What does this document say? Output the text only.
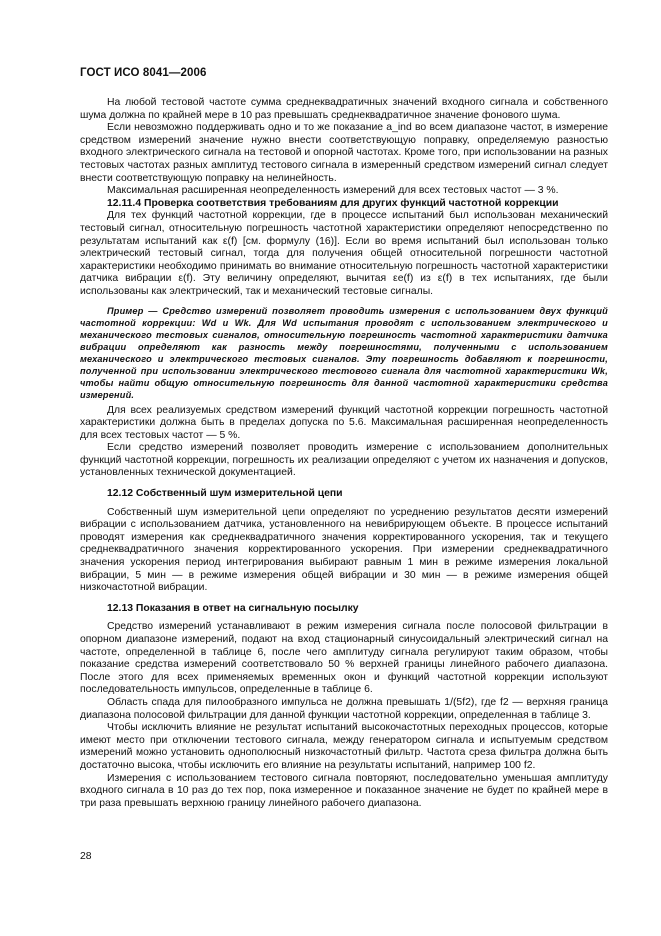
ГОСТ ИСО 8041—2006

На любой тестовой частоте сумма среднеквадратичных значений входного сигнала и собственного шума должна по крайней мере в 10 раз превышать среднеквадратичное значение фонового шума.

Если невозможно поддерживать одно и то же показание a_ind во всем диапазоне частот, в измерение средством измерений значение нужно внести соответствующую поправку, определяемую разностью входного электрического сигнала на тестовой и опорной частотах. Кроме того, при использовании на разных тестовых частотах разных амплитуд тестового сигнала в измеренный средством измерений сигнал следует внести соответствующую поправку на нелинейность.

Максимальная расширенная неопределенность измерений для всех тестовых частот — 3 %.

12.11.4 Проверка соответствия требованиям для других функций частотной коррекции

Для тех функций частотной коррекции, где в процессе испытаний был использован механический тестовый сигнал, относительную погрешность частотной характеристики определяют непосредственно по результатам испытаний как ε(f) [см. формулу (16)]. Если во время испытаний был использован только электрический тестовый сигнал, тогда для получения общей относительной погрешности частотной характеристики необходимо принимать во внимание относительную погрешность частотной характеристики датчика вибрации ε(f). Эту величину определяют, вычитая εe(f) из ε(f) в тех испытаниях, где были использованы как электрический, так и механический тестовые сигналы.

Пример — Средство измерений позволяет проводить измерения с использованием двух функций частотной коррекции: Wd и Wk. Для Wd испытания проводят с использованием электрического и механического тестовых сигналов, относительную погрешность частотной характеристики датчика вибрации определяют как разность между погрешностями, полученными с использованием механического и электрического тестовых сигналов. Эту погрешность добавляют к погрешности, полученной при использовании электрического тестового сигнала для частотной характеристики Wk, чтобы найти общую относительную погрешность для данной частотной характеристики средства измерений.

Для всех реализуемых средством измерений функций частотной коррекции погрешность частотной характеристики должна быть в пределах допуска по 5.6. Максимальная расширенная неопределенность для всех тестовых частот — 5 %.

Если средство измерений позволяет проводить измерение с использованием дополнительных функций частотной коррекции, погрешность их реализации определяют с учетом их назначения и допусков, установленных технической документацией.

12.12 Собственный шум измерительной цепи

Собственный шум измерительной цепи определяют по усреднению результатов десяти измерений вибрации с использованием датчика, установленного на невибрирующем объекте. В процессе испытаний проводят измерения как среднеквадратичного значения корректированного ускорения, так и текущего среднеквадратичного значения корректированного ускорения. При измерении среднеквадратичного значения ускорения период интегрирования выбирают равным 1 мин в режиме измерения локальной вибрации, 5 мин — в режиме измерения общей вибрации и 30 мин — в режиме измерения общей низкочастотной вибрации.

12.13 Показания в ответ на сигнальную посылку

Средство измерений устанавливают в режим измерения сигнала после полосовой фильтрации в опорном диапазоне измерений, подают на вход стационарный синусоидальный электрический сигнал на частоте, определенной в таблице 6, после чего амплитуду сигнала регулируют таким образом, чтобы показание средства измерений соответствовало 50 % верхней границы линейного рабочего диапазона. После этого для всех применяемых временных окон и функций частотной коррекции используют последовательность импульсов, определенные в таблице 6.

Область спада для пилообразного импульса не должна превышать 1/(5f2), где f2 — верхняя граница диапазона полосовой фильтрации для данной функции частотной коррекции, определенная в таблице 3.

Чтобы исключить влияние не результат испытаний высокочастотных переходных процессов, которые имеют место при отключении тестового сигнала, между генератором сигнала и испытуемым средством измерений можно установить однополюсный низкочастотный фильтр. Частота среза фильтра должна быть достаточно высока, чтобы исключить его влияние на результаты испытаний, например 100 f2.

Измерения с использованием тестового сигнала повторяют, последовательно уменьшая амплитуду входного сигнала в 10 раз до тех пор, пока измеренное и показанное значение не будет по крайней мере в три раза превышать верхнюю границу линейного рабочего диапазона.

28
